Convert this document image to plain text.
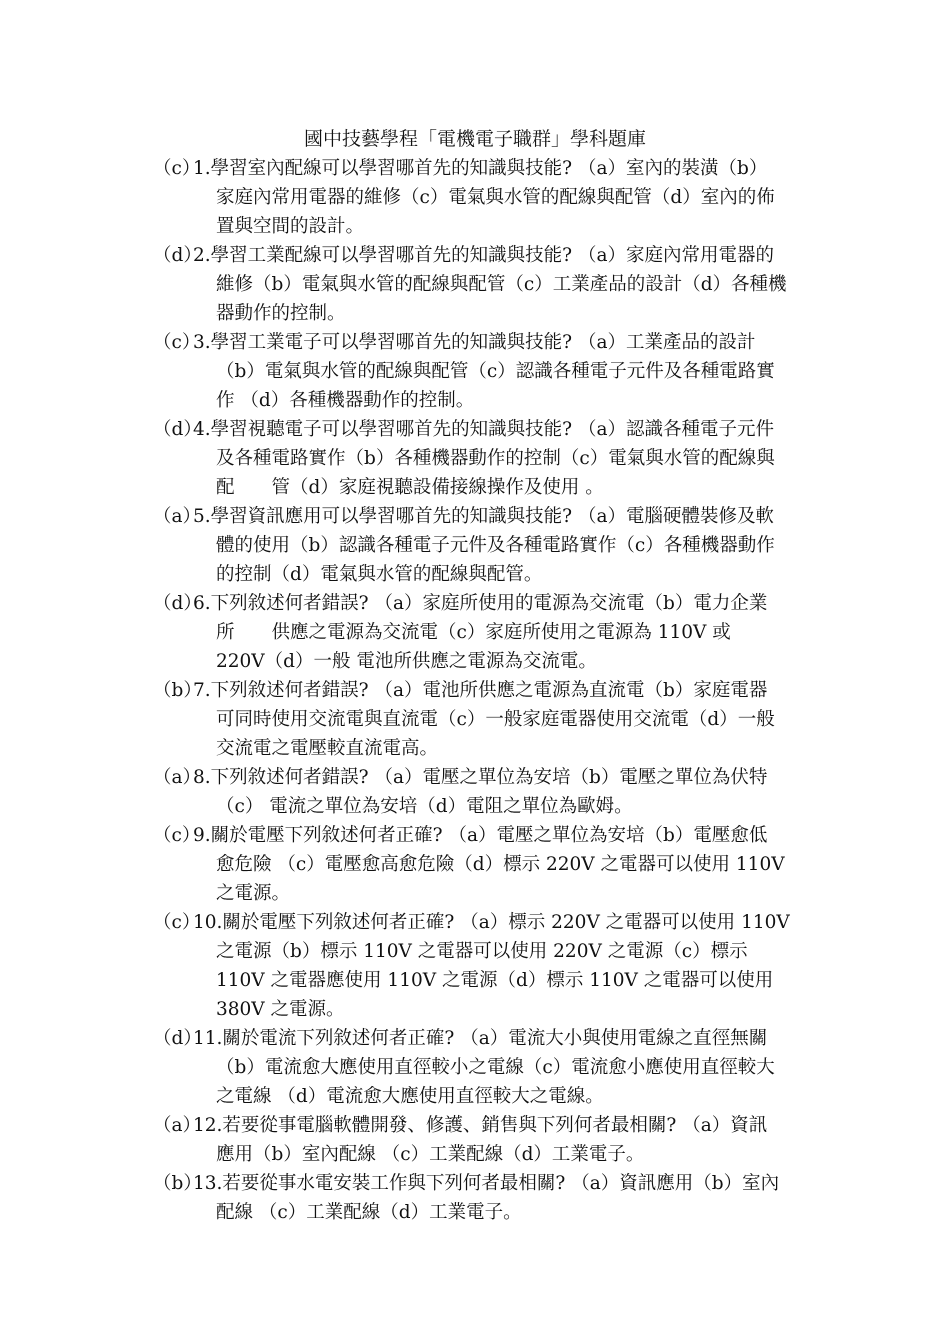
國中技藝學程「電機電子職群」學科題庫
（c）
1.學習室內配線可以學習哪首先的知識與技能? （a）室內的裝潢（b）
家庭內常用電器的維修（c）電氣與水管的配線與配管（d）室內的佈
置與空間的設計。
（d）
2.學習工業配線可以學習哪首先的知識與技能? （a）家庭內常用電器的
維修（b）電氣與水管的配線與配管（c）工業產品的設計（d）各種機
器動作的控制。
（c）
3.學習工業電子可以學習哪首先的知識與技能? （a）工業產品的設計
（b）電氣與水管的配線與配管（c）認識各種電子元件及各種電路實
作 （d）各種機器動作的控制。
（d）
4.學習視聽電子可以學習哪首先的知識與技能? （a）認識各種電子元件
及各種電路實作（b）各種機器動作的控制（c）電氣與水管的配線與
配　　管（d）家庭視聽設備接線操作及使用 。
（a）
5.學習資訊應用可以學習哪首先的知識與技能? （a）電腦硬體裝修及軟
體的使用（b）認識各種電子元件及各種電路實作（c）各種機器動作
的控制（d）電氣與水管的配線與配管。
（d）
6.下列敘述何者錯誤? （a）家庭所使用的電源為交流電（b）電力企業
所　　供應之電源為交流電（c）家庭所使用之電源為 110V 或
220V（d）一般 電池所供應之電源為交流電。
（b）
7.下列敘述何者錯誤? （a）電池所供應之電源為直流電（b）家庭電器
可同時使用交流電與直流電（c）一般家庭電器使用交流電（d）一般
交流電之電壓較直流電高。
（a）
8.下列敘述何者錯誤? （a）電壓之單位為安培（b）電壓之單位為伏特
（c） 電流之單位為安培（d）電阻之單位為歐姆。
（c）
9.關於電壓下列敘述何者正確? （a）電壓之單位為安培（b）電壓愈低
愈危險 （c）電壓愈高愈危險（d）標示 220V 之電器可以使用 110V
之電源。
（c）
10.關於電壓下列敘述何者正確? （a）標示 220V 之電器可以使用 110V
之電源（b）標示 110V 之電器可以使用 220V 之電源（c）標示
110V 之電器應使用 110V 之電源（d）標示 110V 之電器可以使用
380V 之電源。
（d）
11.關於電流下列敘述何者正確? （a）電流大小與使用電線之直徑無關
（b）電流愈大應使用直徑較小之電線（c）電流愈小應使用直徑較大
之電線 （d）電流愈大應使用直徑較大之電線。
（a）
12.若要從事電腦軟體開發、修護、銷售與下列何者最相關? （a）資訊
應用（b）室內配線 （c）工業配線（d）工業電子。
（b）
13.若要從事水電安裝工作與下列何者最相關? （a）資訊應用（b）室內
配線 （c）工業配線（d）工業電子。
